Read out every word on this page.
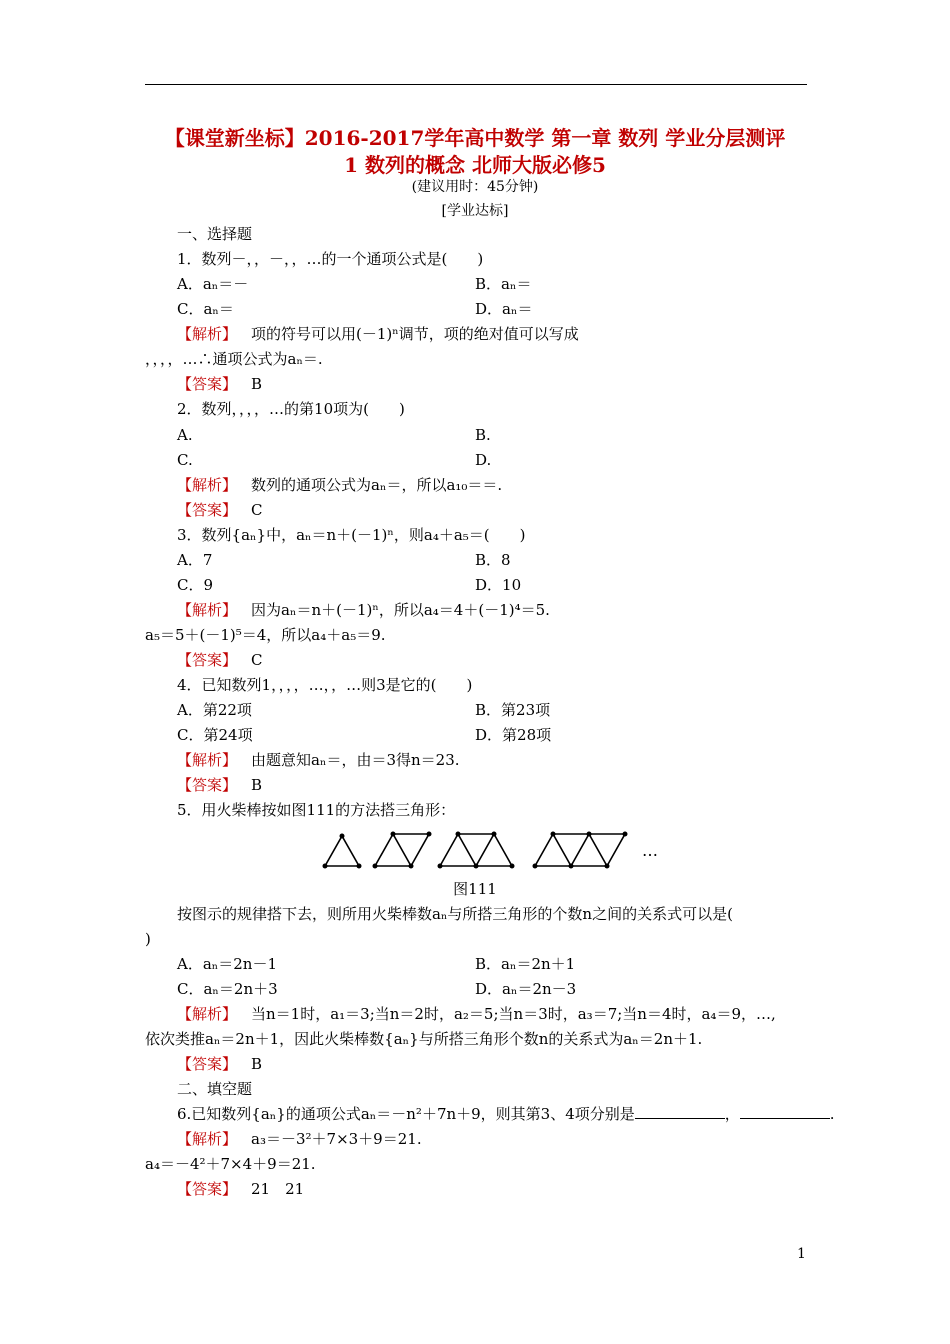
【课堂新坐标】2016-2017学年高中数学 第一章 数列 学业分层测评
1 数列的概念 北师大版必修5
(建议用时：45分钟)
[学业达标]
一、选择题
1．数列－，，－，，…的一个通项公式是(　　)
A．aₙ＝－	B．aₙ＝
C．aₙ＝	D．aₙ＝
【解析】 项的符号可以用(－1)ⁿ调节，项的绝对值可以写成
，，，，…∴通项公式为aₙ＝.
【答案】 B
2．数列，，，，…的第10项为(　　)
A.	B.
C.	D.
【解析】 数列的通项公式为aₙ＝，所以a₁₀＝＝.
【答案】 C
3．数列{aₙ}中，aₙ＝n＋(－1)ⁿ，则a₄＋a₅＝(　　)
A．7	B．8
C．9	D．10
【解析】 因为aₙ＝n＋(－1)ⁿ，所以a₄＝4＋(－1)⁴＝5.
a₅＝5＋(－1)⁵＝4，所以a₄＋a₅＝9.
【答案】 C
4．已知数列1，，，，…，，…则3是它的(　　)
A．第22项	B．第23项
C．第24项	D．第28项
【解析】 由题意知aₙ＝，由＝3得n＝23.
【答案】 B
5．用火柴棒按如图111的方法搭三角形：
…
图111
按图示的规律搭下去，则所用火柴棒数aₙ与所搭三角形的个数n之间的关系式可以是(
)
A．aₙ＝2n－1	B．aₙ＝2n＋1
C．aₙ＝2n＋3	D．aₙ＝2n－3
【解析】 当n＝1时，a₁＝3;当n＝2时，a₂＝5;当n＝3时，a₃＝7;当n＝4时，a₄＝9，…,
依次类推aₙ＝2n＋1，因此火柴棒数{aₙ}与所搭三角形个数n的关系式为aₙ＝2n＋1.
【答案】 B
二、填空题
6.已知数列{aₙ}的通项公式aₙ＝－n²＋7n＋9，则其第3、4项分别是	，	.
【解析】 a₃＝－3²＋7×3＋9＝21.
a₄＝－4²＋7×4＋9＝21.
【答案】 21　21
1
